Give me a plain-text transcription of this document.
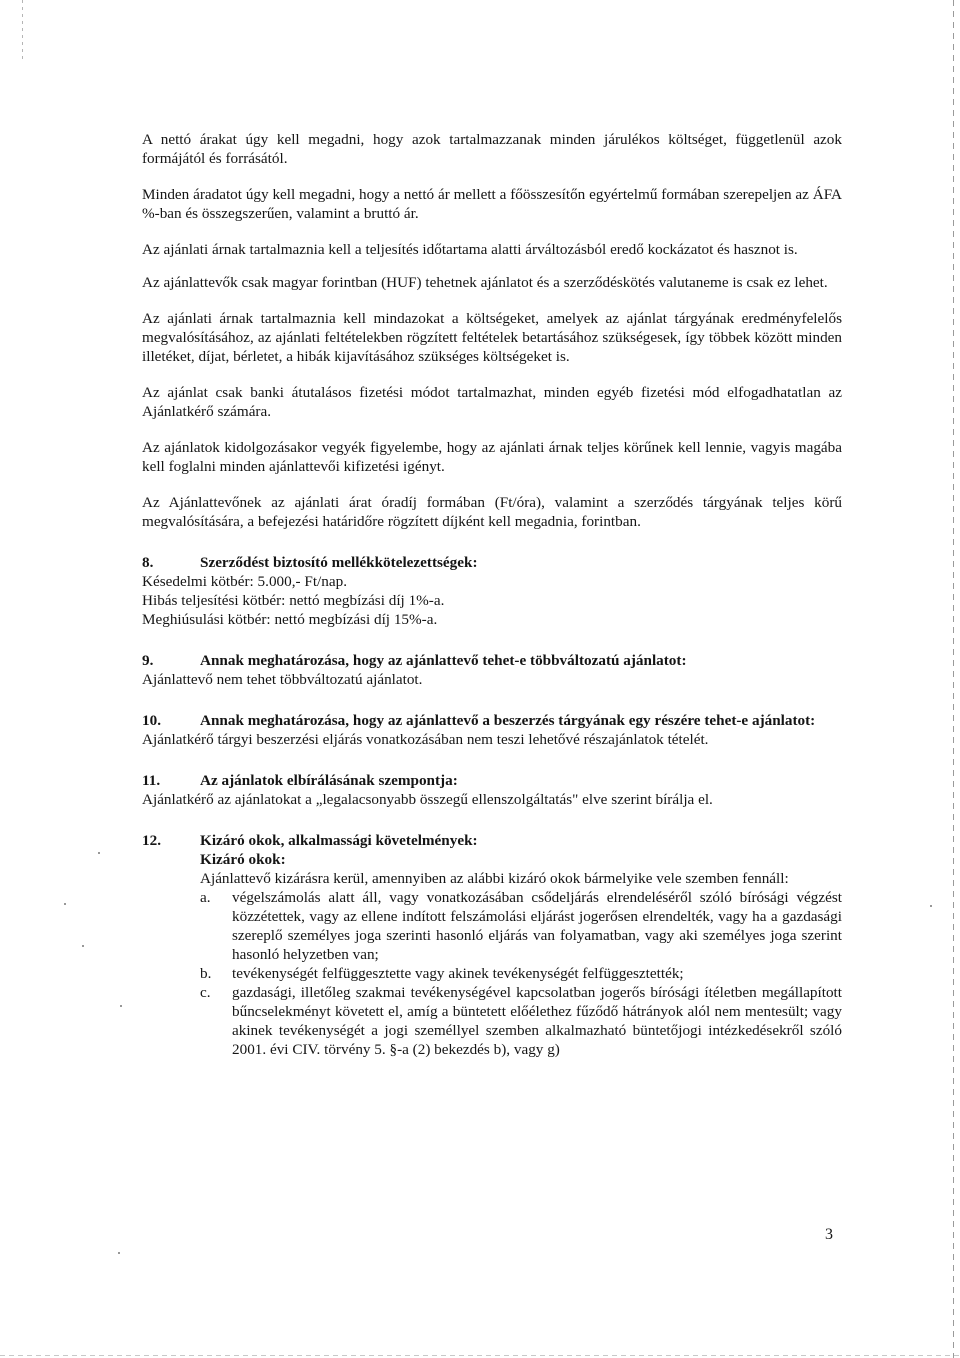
A nettó árakat úgy kell megadni, hogy azok tartalmazzanak minden járulékos költséget, függetlenül azok formájától és forrásától.

Minden áradatot úgy kell megadni, hogy a nettó ár mellett a főösszesítőn egyértelmű formában szerepeljen az ÁFA %-ban és összegszerűen, valamint a bruttó ár.

Az ajánlati árnak tartalmaznia kell a teljesítés időtartama alatti árváltozásból eredő kockázatot és hasznot is.

Az ajánlattevők csak magyar forintban (HUF) tehetnek ajánlatot és a szerződéskötés valutaneme is csak ez lehet.

Az ajánlati árnak tartalmaznia kell mindazokat a költségeket, amelyek az ajánlat tárgyának eredményfelelős megvalósításához, az ajánlati feltételekben rögzített feltételek betartásához szükségesek, így többek között minden illetéket, díjat, bérletet, a hibák kijavításához szükséges költségeket is.

Az ajánlat csak banki átutalásos fizetési módot tartalmazhat, minden egyéb fizetési mód elfogadhatatlan az Ajánlatkérő számára.

Az ajánlatok kidolgozásakor vegyék figyelembe, hogy az ajánlati árnak teljes körűnek kell lennie, vagyis magába kell foglalni minden ajánlattevői kifizetési igényt.

Az Ajánlattevőnek az ajánlati árat óradíj formában (Ft/óra), valamint a szerződés tárgyának teljes körű megvalósítására, a befejezési határidőre rögzített díjként kell megadnia, forintban.

8.	Szerződést biztosító mellékkötelezettségek:

Késedelmi kötbér: 5.000,- Ft/nap.

Hibás teljesítési kötbér: nettó megbízási díj 1%-a.

Meghiúsulási kötbér: nettó megbízási díj 15%-a.

9.	Annak meghatározása, hogy az ajánlattevő tehet-e többváltozatú ajánlatot:

Ajánlattevő nem tehet többváltozatú ajánlatot.

10.	Annak meghatározása, hogy az ajánlattevő a beszerzés tárgyának egy részére tehet-e ajánlatot:

Ajánlatkérő tárgyi beszerzési eljárás vonatkozásában nem teszi lehetővé részajánlatok tételét.

11.	Az ajánlatok elbírálásának szempontja:

Ajánlatkérő az ajánlatokat a „legalacsonyabb összegű ellenszolgáltatás" elve szerint bírálja el.

12.	Kizáró okok, alkalmassági követelmények:

Kizáró okok:

Ajánlattevő kizárásra kerül, amennyiben az alábbi kizáró okok bármelyike vele szemben fennáll:

a.	végelszámolás alatt áll, vagy vonatkozásában csődeljárás elrendeléséről szóló bírósági végzést közzétettek, vagy az ellene indított felszámolási eljárást jogerősen elrendelték, vagy ha a gazdasági szereplő személyes joga szerinti hasonló eljárás van folyamatban, vagy aki személyes joga szerint hasonló helyzetben van;
b.	tevékenységét felfüggesztette vagy akinek tevékenységét felfüggesztették;
c.	gazdasági, illetőleg szakmai tevékenységével kapcsolatban jogerős bírósági ítéletben megállapított bűncselekményt követett el, amíg a büntetett előélethez fűződő hátrányok alól nem mentesült; vagy akinek tevékenységét a jogi személlyel szemben alkalmazható büntetőjogi intézkedésekről szóló 2001. évi CIV. törvény 5. §-a (2) bekezdés b), vagy g)
3
